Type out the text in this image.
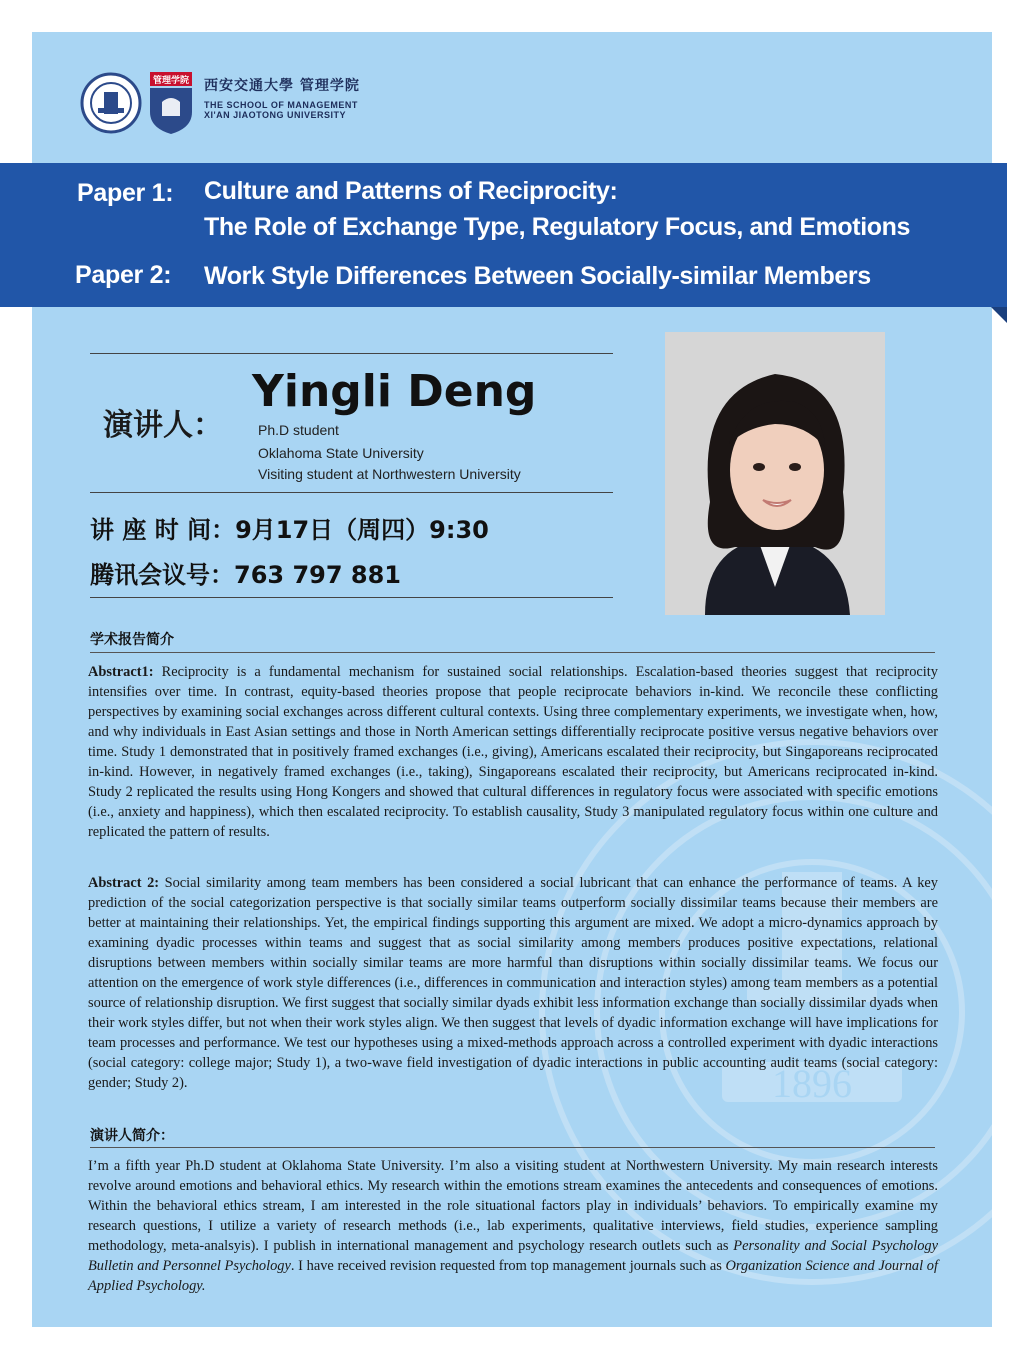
1896
管理学院 西安交通大學 管理学院
THE SCHOOL OF MANAGEMENT
XI'AN JIAOTONG UNIVERSITY
Paper 1: Culture and Patterns of Reciprocity:
The Role of Exchange Type, Regulatory Focus, and Emotions
Paper 2: Work Style Differences Between Socially-similar Members
演讲人：
Yingli Deng
Ph.D student
Oklahoma State University
Visiting student at Northwestern University
讲 座 时 间：9月17日（周四）9:30
腾讯会议号：763 797 881
学术报告简介
Abstract1: Reciprocity is a fundamental mechanism for sustained social relationships. Escalation-based theories suggest that reciprocity intensifies over time. In contrast, equity-based theories propose that people reciprocate behaviors in-kind. We reconcile these conflicting perspectives by examining social exchanges across different cultural contexts. Using three complementary experiments, we investigate when, how, and why individuals in East Asian settings and those in North American settings differentially reciprocate positive versus negative behaviors over time. Study 1 demonstrated that in positively framed exchanges (i.e., giving), Americans escalated their reciprocity, but Singaporeans reciprocated in-kind. However, in negatively framed exchanges (i.e., taking), Singaporeans escalated their reciprocity, but Americans reciprocated in-kind. Study 2 replicated the results using Hong Kongers and showed that cultural differences in regulatory focus were associated with specific emotions (i.e., anxiety and happiness), which then escalated reciprocity. To establish causality, Study 3 manipulated regulatory focus within one culture and replicated the pattern of results.
Abstract 2: Social similarity among team members has been considered a social lubricant that can enhance the performance of teams. A key prediction of the social categorization perspective is that socially similar teams outperform socially dissimilar teams because their members are better at maintaining their relationships. Yet, the empirical findings supporting this argument are mixed. We adopt a micro-dynamics approach by examining dyadic processes within teams and suggest that as social similarity among members produces positive expectations, relational disruptions between members within socially similar teams are more harmful than disruptions within socially dissimilar teams. We focus our attention on the emergence of work style differences (i.e., differences in communication and interaction styles) among team members as a potential source of relationship disruption. We first suggest that socially similar dyads exhibit less information exchange than socially dissimilar dyads when their work styles differ, but not when their work styles align. We then suggest that levels of dyadic information exchange will have implications for team processes and performance. We test our hypotheses using a mixed-methods approach across a controlled experiment with dyadic interactions (social category: college major; Study 1), a two-wave field investigation of dyadic interactions in public accounting audit teams (social category: gender; Study 2).
演讲人简介：
I’m a fifth year Ph.D student at Oklahoma State University. I’m also a visiting student at Northwestern University. My main research interests revolve around emotions and behavioral ethics. My research within the emotions stream examines the antecedents and consequences of emotions. Within the behavioral ethics stream, I am interested in the role situational factors play in individuals’ behaviors. To empirically examine my research questions, I utilize a variety of research methods (i.e., lab experiments, qualitative interviews, field studies, experience sampling methodology, meta-analsyis). I publish in international management and psychology research outlets such as Personality and Social Psychology Bulletin and Personnel Psychology. I have received revision requested from top management journals such as Organization Science and Journal of Applied Psychology.
